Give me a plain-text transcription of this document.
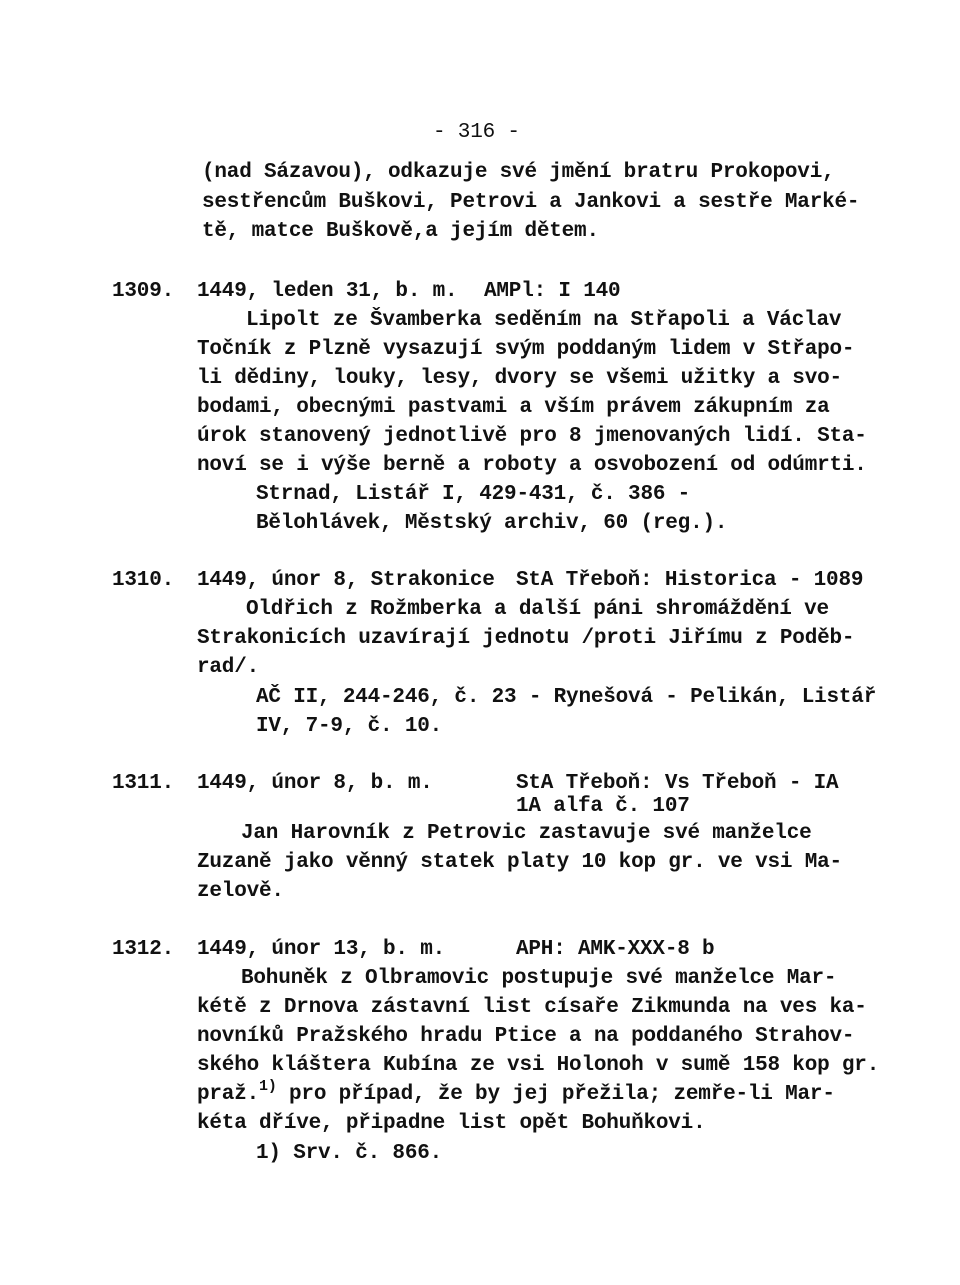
- 316 -
(nad Sázavou), odkazuje své jmění bratru Prokopovi,
sestřencům Buškovi, Petrovi a Jankovi a sestře Marké-
tě, matce Buškově,a jejím dětem.
1309. 1449, leden 31, b. m. AMPl: I 140
Lipolt ze Švamberka seděním na Střapoli a Václav
Točník z Plzně vysazují svým poddaným lidem v Střapo-
li dědiny, louky, lesy, dvory se všemi užitky a svo-
bodami, obecnými pastvami a vším právem zákupním za
úrok stanovený jednotlivě pro 8 jmenovaných lidí. Sta-
noví se i výše berně a roboty a osvobození od odúmrti.
Strnad, Listář I, 429-431, č. 386 -
Bělohlávek, Městský archiv, 60 (reg.).
1310. 1449, únor 8, Strakonice StA Třeboň: Historica - 1089
Oldřich z Rožmberka a další páni shromáždění ve
Strakonicích uzavírají jednotu /proti Jiřímu z Poděb-
rad/.
AČ II, 244-246, č. 23 - Rynešová - Pelikán, Listář
IV, 7-9, č. 10.
1311. 1449, únor 8, b. m.	StA Třeboň: Vs Třeboň - IA
1A alfa č. 107
Jan Harovník z Petrovic zastavuje své manželce
Zuzaně jako věnný statek platy 10 kop gr. ve vsi Ma-
zelově.
1312. 1449, únor 13, b. m.	APH: AMK-XXX-8 b
Bohuněk z Olbramovic postupuje své manželce Mar-
kétě z Drnova zástavní list císaře Zikmunda na ves ka-
novníků Pražského hradu Ptice a na poddaného Strahov-
ského kláštera Kubína ze vsi Holonoh v sumě 158 kop gr.
praž.$^{1)}$ pro případ, že by jej přežila; zemře-li Mar-
kéta dříve, připadne list opět Bohuňkovi.
1) Srv. č. 866.
